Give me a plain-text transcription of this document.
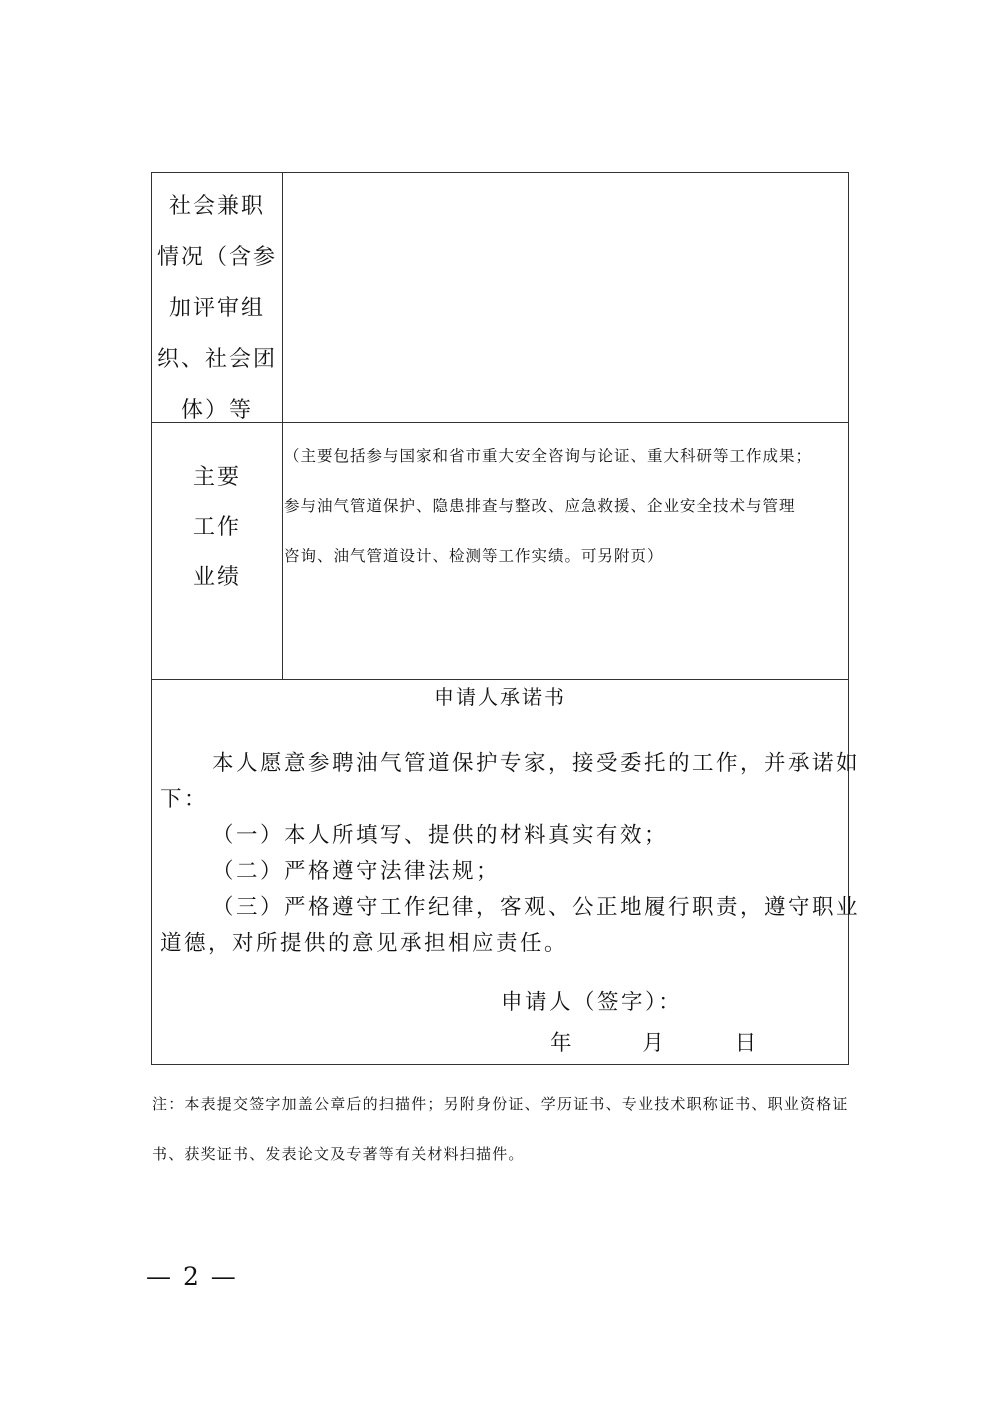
社会兼职
情况（含参
加评审组
织、社会团
体）等
主要
工作
业绩
（主要包括参与国家和省市重大安全咨询与论证、重大科研等工作成果；
参与油气管道保护、隐患排查与整改、应急救援、企业安全技术与管理
咨询、油气管道设计、检测等工作实绩。可另附页）
申请人承诺书
本人愿意参聘油气管道保护专家，接受委托的工作，并承诺如
下：
（一）本人所填写、提供的材料真实有效；
（二）严格遵守法律法规；
（三）严格遵守工作纪律，客观、公正地履行职责，遵守职业
道德，对所提供的意见承担相应责任。
申请人（签字）：
年	月	日
注：本表提交签字加盖公章后的扫描件；另附身份证、学历证书、专业技术职称证书、职业资格证
书、获奖证书、发表论文及专著等有关材料扫描件。
— 2 —
